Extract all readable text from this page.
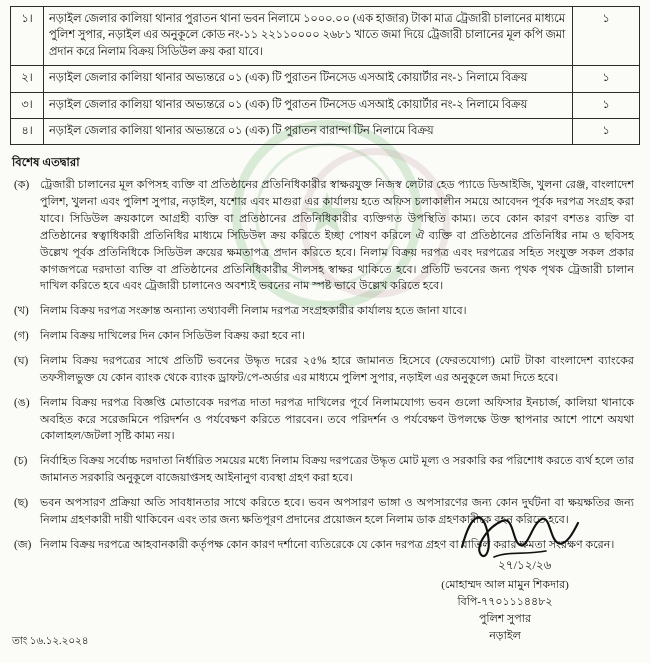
★
১।	নড়াইল জেলার কালিয়া থানার পুরাতন থানা ভবন নিলামে ১০০০.০০ (এক হাজার) টাকা মাত্র ট্রেজারী চালানের মাধ্যমে পুলিশ সুপার, নড়াইল এর অনুকূলে কোড নং-১১ ২২১১০০০০ ২৬৮১ খাতে জমা দিয়ে ট্রেজারী চালানের মূল কপি জমা প্রদান করে নিলাম বিক্রয় সিডিউল ক্রয় করা যাবে।	১
২।	নড়াইল জেলার কালিয়া থানার অভ্যন্তরে ০১ (এক) টি পুরাতন টিনসেড এসআই কোয়ার্টার নং-১ নিলামে বিক্রয়	১
৩।	নড়াইল জেলার কালিয়া থানার অভ্যন্তরে ০১ (এক) টি পুরাতন টিনসেড এসআই কোয়ার্টার নং-২ নিলামে বিক্রয়	১
৪।	নড়াইল জেলার কালিয়া থানার অভ্যন্তরে ০১ (এক) টি পুরাতন বারান্দা টিন নিলামে বিক্রয়	১
বিশেষ এতদ্বারা
(ক) ট্রেজারী চালানের মূল কপিসহ ব্যক্তি বা প্রতিষ্ঠানের প্রতিনিধিকারীর স্বাক্ষরযুক্ত নিজস্ব লেটার হেড প্যাডে ডিআইজি, খুলনা রেঞ্জ, বাংলাদেশ পুলিশ, খুলনা এবং পুলিশ সুপার, নড়াইল, যশোর এবং মাগুরা এর কার্যালয় হতে অফিস চলাকালীন সময়ে আবেদন পূর্বক দরপত্র সংগ্রহ করা যাবে। সিডিউল ক্রয়কালে আগ্রহী ব্যক্তি বা প্রতিষ্ঠানের প্রতিনিধিকারীর ব্যক্তিগত উপস্থিতি কাম্য। তবে কোন কারণ বশতঃ ব্যক্তি বা প্রতিষ্ঠানের স্বত্বাধিকারী প্রতিনিধির মাধ্যমে সিডিউল ক্রয় করিতে ইচ্ছা পোষণ করিলে ঐ ব্যক্তি বা প্রতিষ্ঠানের প্রতিনিধির নাম ও ছবিসহ উল্লেখ পূর্বক প্রতিনিধিকে সিডিউল ক্রয়ের ক্ষমতাপত্র প্রদান করিতে হবে। নিলাম বিক্রয় দরপত্র এবং দরপত্রের সহিত সংযুক্ত সকল প্রকার কাগজপত্রে দরদাতা ব্যক্তি বা প্রতিষ্ঠানের প্রতিনিধিকারীর সীলসহ স্বাক্ষর থাকিতে হবে। প্রতিটি ভবনের জন্য পৃথক পৃথক ট্রেজারী চালান দাখিল করিতে হবে এবং ট্রেজারী চালানেও অবশ্যই ভবনের নাম স্পষ্ট ভাবে উল্লেখ করিতে হবে।
(খ)	নিলাম বিক্রয় দরপত্র সংক্রান্ত অন্যান্য তথ্যাবলী নিলাম দরপত্র সংগ্রহকারীর কার্যালয় হতে জানা যাবে।
(গ)	নিলাম বিক্রয় দাখিলের দিন কোন সিডিউল বিক্রয় করা হবে না।
(ঘ)	নিলাম বিক্রয় দরপত্রের সাথে প্রতিটি ভবনের উদ্ধৃত দরের ২৫% হারে জামানত হিসেবে (ফেরতযোগ্য) মোট টাকা বাংলাদেশ ব্যাংকের তফসীলভুক্ত যে কোন ব্যাংক থেকে ব্যাংক ড্রাফট/পে-অর্ডার এর মাধ্যমে পুলিশ সুপার, নড়াইল এর অনুকূলে জমা দিতে হবে।
(ঙ) নিলাম বিক্রয় দরপত্র বিজ্ঞপ্তি মোতাবেক দরপত্র দাতা দরপত্র দাখিলের পূর্বে নিলামযোগ্য ভবন গুলো অফিসার ইনচার্জ, কালিয়া থানাকে অবহিত করে সরেজমিনে পরিদর্শন ও পর্যবেক্ষণ করিতে পারবেন। তবে পরিদর্শন ও পর্যবেক্ষণ উপলক্ষে উক্ত স্থাপনার আশে পাশে অযথা কোলাহল/জটলা সৃষ্টি কাম্য নয়।
(চ)	নির্বাহিত বিক্রয় সর্বোচ্চ দরদাতা নির্ধারিত সময়ের মধ্যে নিলাম বিক্রয় দরপত্রের উদ্ধৃত মোট মূল্য ও সরকারি কর পরিশোধ করতে ব্যর্থ হলে তার জামানত সরকারি অনুকূলে বাজেয়াপ্তসহ আইনানুগ ব্যবস্থা গ্রহণ করা হবে।
(ছ)	ভবন অপসারণ প্রক্রিয়া অতি সাবধানতার সাথে করিতে হবে। ভবন অপসারণ ভাঙ্গা ও অপসারণের জন্য কোন দুর্ঘটনা বা ক্ষয়ক্ষতির জন্য নিলাম গ্রহণকারী দায়ী থাকিবেন এবং তার জন্য ক্ষতিপূরণ প্রদানের প্রয়োজন হলে নিলাম ডাক গ্রহণকারীকে বহন করিতে হবে।
(জ) নিলাম বিক্রয় দরপত্রে আহবানকারী কর্তৃপক্ষ কোন কারণ দর্শানো ব্যতিরেকে যে কোন দরপত্র গ্রহণ বা বাতিল করার ক্ষমতা সংরক্ষণ করেন।
২৭/১২/২৬
(মোহাম্মদ আল মামুন শিকদার)
বিপি-৭৭০১১১৪৪৮২
পুলিশ সুপার
নড়াইল
তাং ১৬.১২.২০২৪
